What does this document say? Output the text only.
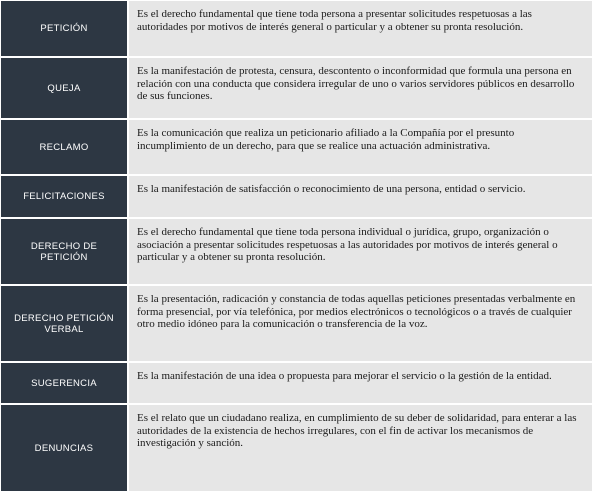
PETICIÓN
Es el derecho fundamental que tiene toda persona a presentar solicitudes respetuosas a las autoridades por motivos de interés general o particular y a obtener su pronta resolución.
QUEJA
Es la manifestación de protesta, censura, descontento o inconformidad que formula una persona en relación con una conducta que considera irregular de uno o varios servidores públicos en desarrollo de sus funciones.
RECLAMO
Es la comunicación que realiza un peticionario afiliado a la Compañía por el presunto incumplimiento de un derecho, para que se realice una actuación administrativa.
FELICITACIONES
Es la manifestación de satisfacción o reconocimiento de una persona, entidad o servicio.
DERECHO DE PETICIÓN
Es el derecho fundamental que tiene toda persona individual o jurídica, grupo, organización o asociación a presentar solicitudes respetuosas a las autoridades por motivos de interés general o particular y a obtener su pronta resolución.
DERECHO PETICIÓN VERBAL
Es la presentación, radicación y constancia de todas aquellas peticiones presentadas verbalmente en forma presencial, por vía telefónica, por medios electrónicos o tecnológicos o a través de cualquier otro medio idóneo para la comunicación o transferencia de la voz.
SUGERENCIA
Es la manifestación de una idea o propuesta para mejorar el servicio o la gestión de la entidad.
DENUNCIAS
Es el relato que un ciudadano realiza, en cumplimiento de su deber de solidaridad, para enterar a las autoridades de la existencia de hechos irregulares, con el fin de activar los mecanismos de investigación y sanción.
